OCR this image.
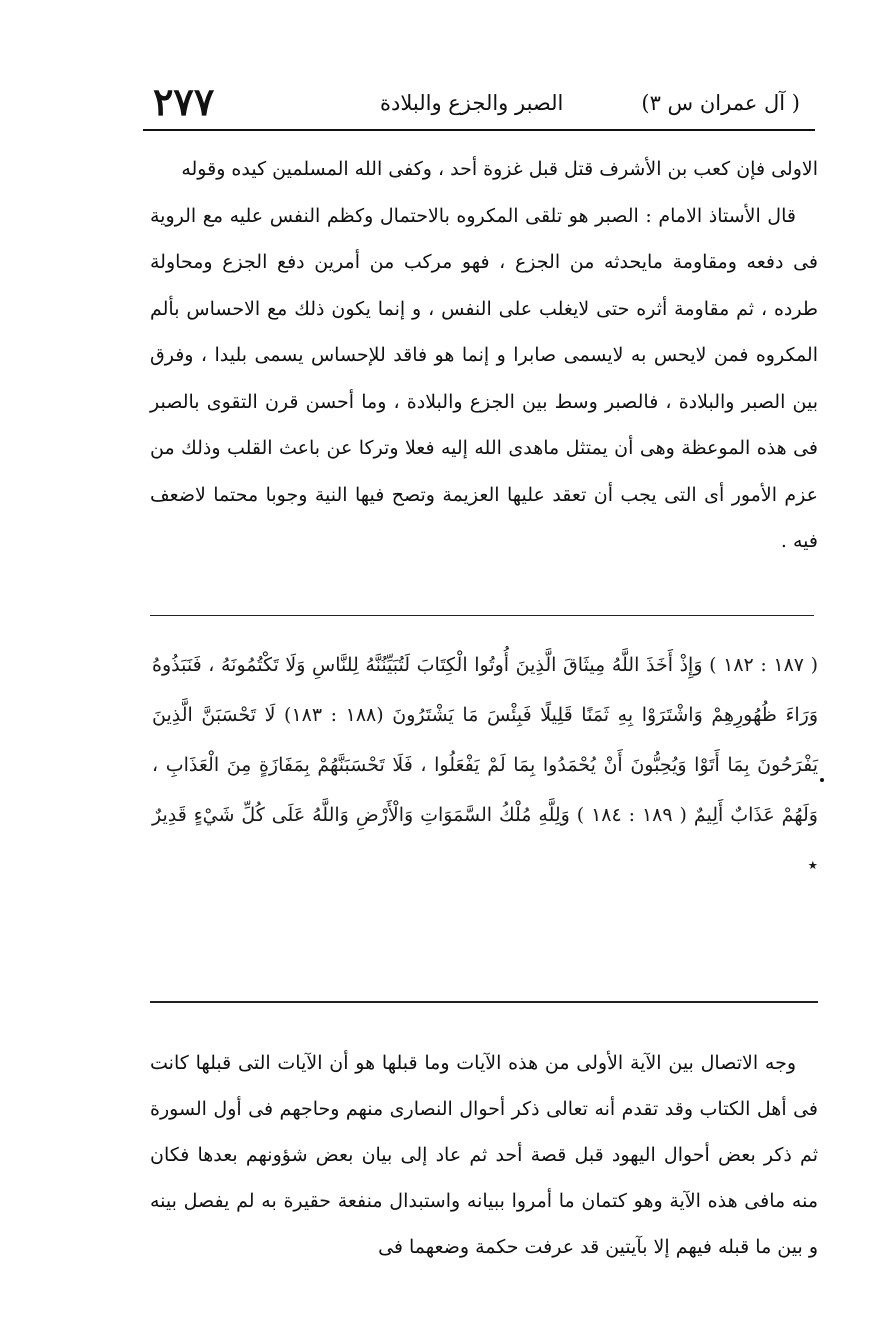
٢٧٧	الصبر والجزع والبلادة	( آل عمران س ٣)

الاولى فإن كعب بن الأشرف قتل قبل غزوة أحد ، وكفى الله المسلمين كيده وقوله

قال الأستاذ الامام : الصبر هو تلقى المكروه بالاحتمال وكظم النفس عليه مع الروية فى دفعه ومقاومة مايحدثه من الجزع ، فهو مركب من أمرين دفع الجزع ومحاولة طرده ، ثم مقاومة أثره حتى لايغلب على النفس ، و إنما يكون ذلك مع الاحساس بألم المكروه فمن لايحس به لايسمى صابرا و إنما هو فاقد للإحساس يسمى بليدا ، وفرق بين الصبر والبلادة ، فالصبر وسط بين الجزع والبلادة ، وما أحسن قرن التقوى بالصبر فى هذه الموعظة وهى أن يمتثل ماهدى الله إليه فعلا وتركا عن باعث القلب وذلك من عزم الأمور أى التى يجب أن تعقد عليها العزيمة وتصح فيها النية وجوبا محتما لاضعف فيه .

( ١٨٧ : ١٨٢ ) وَإِذْ أَخَذَ اللَّهُ مِيثَاقَ الَّذِينَ أُوتُوا الْكِتَابَ لَتُبَيِّنُنَّهُ لِلنَّاسِ وَلَا تَكْتُمُونَهُ ، فَنَبَذُوهُ وَرَاءَ ظُهُورِهِمْ وَاشْتَرَوْا بِهِ ثَمَنًا قَلِيلًا فَبِئْسَ مَا يَشْتَرُونَ (١٨٨ : ١٨٣) لَا تَحْسَبَنَّ الَّذِينَ يَفْرَحُونَ بِمَا أَتَوْا وَيُحِبُّونَ أَنْ يُحْمَدُوا بِمَا لَمْ يَفْعَلُوا ، فَلَا تَحْسَبَنَّهُمْ بِمَفَازَةٍ مِنَ الْعَذَابِ ، وَلَهُمْ عَذَابٌ أَلِيمٌ ( ١٨٩ : ١٨٤ ) وَلِلَّهِ مُلْكُ السَّمَوَاتِ وَالْأَرْضِ وَاللَّهُ عَلَى كُلِّ شَيْءٍ قَدِيرٌ ٭

وجه الاتصال بين الآية الأولى من هذه الآيات وما قبلها هو أن الآيات التى قبلها كانت فى أهل الكتاب وقد تقدم أنه تعالى ذكر أحوال النصارى منهم وحاجهم فى أول السورة ثم ذكر بعض أحوال اليهود قبل قصة أحد ثم عاد إلى بيان بعض شؤونهم بعدها فكان منه مافى هذه الآية وهو كتمان ما أمروا ببيانه واستبدال منفعة حقيرة به لم يفصل بينه و بين ما قبله فيهم إلا بآيتين قد عرفت حكمة وضعهما فى
